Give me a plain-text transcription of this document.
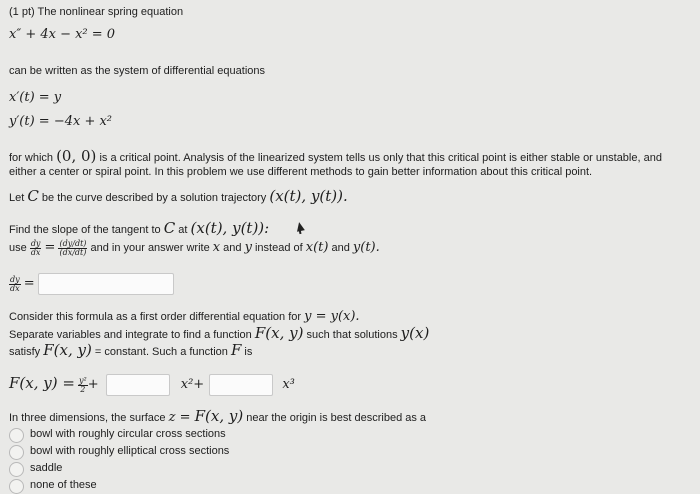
(1 pt) The nonlinear spring equation
x″ + 4x − x² = 0
can be written as the system of differential equations
x′(t) = y
y′(t) = −4x + x²
for which (0, 0) is a critical point. Analysis of the linearized system tells us only that this critical point is either stable or unstable, and
either a center or spiral point. In this problem we use different methods to gain better information about this critical point.
Let C be the curve described by a solution trajectory (x(t), y(t)).
Find the slope of the tangent to C at (x(t), y(t)):
use $\frac{dy}{dx} = \frac{(dy/dt)}{(dx/dt)}$ and in your answer write x and y instead of x(t) and y(t).
$\frac{dy}{dx}$ =
Consider this formula as a first order differential equation for y = y(x).
Separate variables and integrate to find a function F(x, y) such that solutions y(x)
satisfy F(x, y) = constant. Such a function F is
F(x, $y) = \frac{\text{y²}}{2}$ +	x²+	x³
In three dimensions, the surface z = F(x, y) near the origin is best described as a
bowl with roughly circular cross sections
bowl with roughly elliptical cross sections
saddle
none of these
